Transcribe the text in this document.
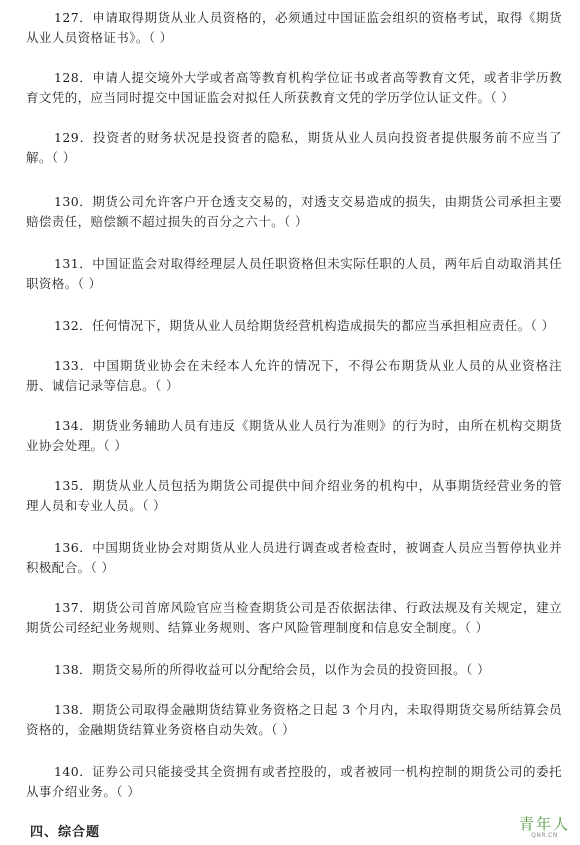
127．申请取得期货从业人员资格的，必须通过中国证监会组织的资格考试，取得《期货从业人员资格证书》。（ ）

128．申请人提交境外大学或者高等教育机构学位证书或者高等教育文凭，或者非学历教育文凭的，应当同时提交中国证监会对拟任人所获教育文凭的学历学位认证文件。（ ）

129．投资者的财务状况是投资者的隐私，期货从业人员向投资者提供服务前不应当了解。（ ）

130．期货公司允许客户开仓透支交易的，对透支交易造成的损失，由期货公司承担主要赔偿责任，赔偿额不超过损失的百分之六十。（ ）

131．中国证监会对取得经理层人员任职资格但未实际任职的人员，两年后自动取消其任职资格。（ ）

132．任何情况下，期货从业人员给期货经营机构造成损失的都应当承担相应责任。（ ）

133．中国期货业协会在未经本人允许的情况下，不得公布期货从业人员的从业资格注册、诚信记录等信息。（ ）

134．期货业务辅助人员有违反《期货从业人员行为准则》的行为时，由所在机构交期货业协会处理。（ ）

135．期货从业人员包括为期货公司提供中间介绍业务的机构中，从事期货经营业务的管理人员和专业人员。（ ）

136．中国期货业协会对期货从业人员进行调查或者检查时，被调查人员应当暂停执业并积极配合。（ ）

137．期货公司首席风险官应当检查期货公司是否依据法律、行政法规及有关规定，建立期货公司经纪业务规则、结算业务规则、客户风险管理制度和信息安全制度。（ ）

138．期货交易所的所得收益可以分配给会员，以作为会员的投资回报。（ ）

138．期货公司取得金融期货结算业务资格之日起 3 个月内，未取得期货交易所结算会员资格的，金融期货结算业务资格自动失效。（ ）

140．证券公司只能接受其全资拥有或者控股的，或者被同一机构控制的期货公司的委托从事介绍业务。（ ）

四、综合题	青年人
QNR.CN
